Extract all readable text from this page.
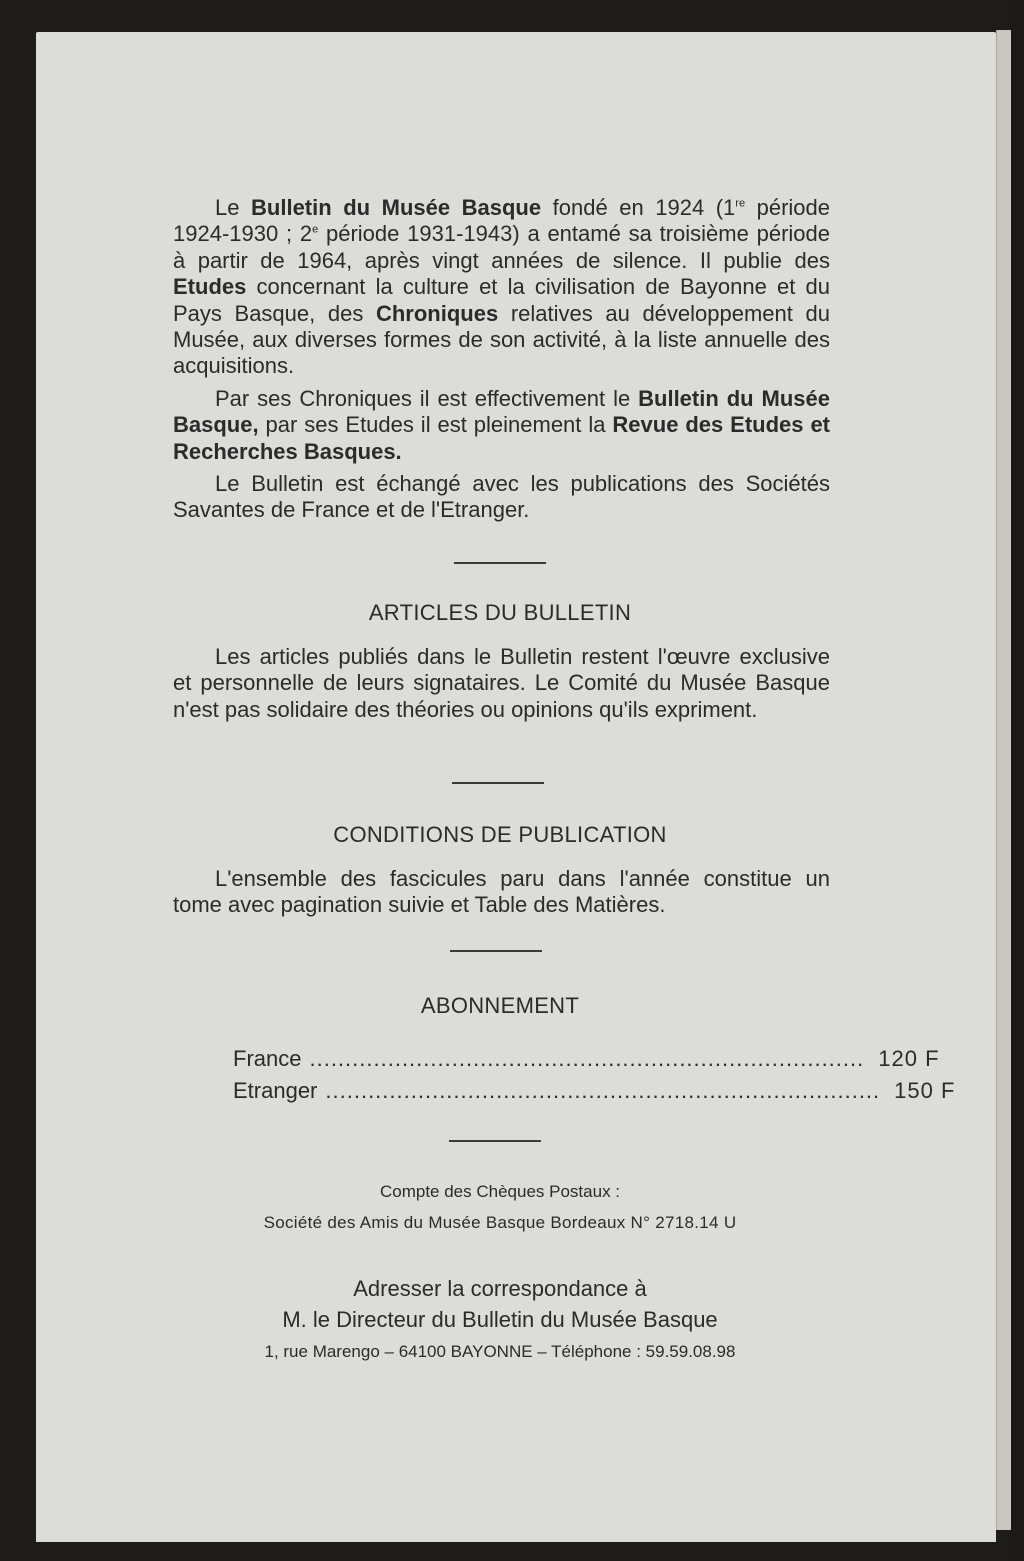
Le Bulletin du Musée Basque fondé en 1924 (1re période 1924-1930 ; 2e période 1931-1943) a entamé sa troisième période à partir de 1964, après vingt années de silence. Il publie des Etudes concernant la culture et la civilisation de Bayonne et du Pays Basque, des Chroniques relatives au développement du Musée, aux diverses formes de son activité, à la liste annuelle des acquisitions.

Par ses Chroniques il est effectivement le Bulletin du Musée Basque, par ses Etudes il est pleinement la Revue des Etudes et Recherches Basques.

Le Bulletin est échangé avec les publications des Sociétés Savantes de France et de l'Etranger.

ARTICLES DU BULLETIN

Les articles publiés dans le Bulletin restent l'œuvre exclusive et personnelle de leurs signataires. Le Comité du Musée Basque n'est pas solidaire des théories ou opinions qu'ils expriment.

CONDITIONS DE PUBLICATION

L'ensemble des fascicules paru dans l'année constitue un tome avec pagination suivie et Table des Matières.

ABONNEMENT
France .............................................................................. 120 F
Etranger .............................................................................. 150 F
Compte des Chèques Postaux :
Société des Amis du Musée Basque Bordeaux N° 2718.14 U
Adresser la correspondance à
M. le Directeur du Bulletin du Musée Basque
1, rue Marengo – 64100 BAYONNE – Téléphone : 59.59.08.98
